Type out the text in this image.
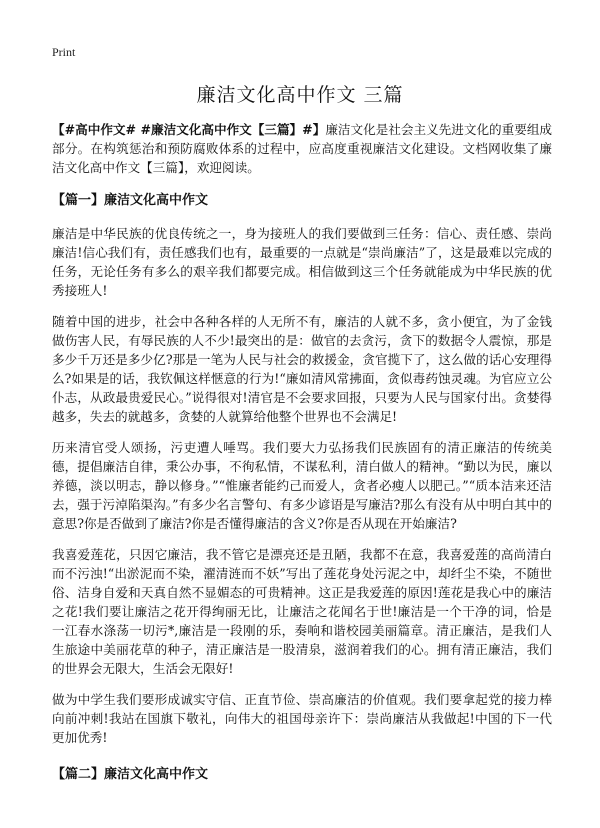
Print
廉洁文化高中作文 三篇

【#高中作文# #廉洁文化高中作文【三篇】#】廉洁文化是社会主义先进文化的重要组成部分。在构筑惩治和预防腐败体系的过程中，应高度重视廉洁文化建设。文档网收集了廉洁文化高中作文【三篇】，欢迎阅读。

【篇一】廉洁文化高中作文

廉洁是中华民族的优良传统之一，身为接班人的我们要做到三任务：信心、责任感、崇尚廉洁!信心我们有，责任感我们也有，最重要的一点就是“崇尚廉洁”了，这是最难以完成的任务，无论任务有多么的艰辛我们都要完成。相信做到这三个任务就能成为中华民族的优秀接班人!

随着中国的进步，社会中各种各样的人无所不有，廉洁的人就不多，贪小便宜，为了金钱做伤害人民，有辱民族的人不少!最突出的是：做官的去贪污，贪下的数据令人震惊，那是多少千万还是多少亿?那是一笔为人民与社会的救援金，贪官揽下了，这么做的话心安理得么?如果是的话，我钦佩这样惬意的行为!“廉如清风常拂面，贪似毒药蚀灵魂。为官应立公仆志，从政最贵爱民心。”说得很对!清官是不会要求回报，只要为人民与国家付出。贪婪得越多，失去的就越多，贪婪的人就算给他整个世界也不会满足!

历来清官受人颂扬，污吏遭人唾骂。我们要大力弘扬我们民族固有的清正廉洁的传统美德，提倡廉洁自律，秉公办事，不徇私情，不谋私利，清白做人的精神。“勤以为民，廉以养德，淡以明志，静以修身。”“惟廉者能约己而爱人，贪者必瘦人以肥己。”“质本洁来还洁去，强于污淖陷渠沟。”有多少名言警句、有多少谚语是写廉洁?那么有没有从中明白其中的意思?你是否做到了廉洁?你是否懂得廉洁的含义?你是否从现在开始廉洁?

我喜爱莲花，只因它廉洁，我不管它是漂亮还是丑陋，我都不在意，我喜爱莲的高尚清白而不污浊!“出淤泥而不染，濯清涟而不妖”写出了莲花身处污泥之中，却纤尘不染，不随世俗、洁身自爱和天真自然不显媚态的可贵精神。这正是我爱莲的原因!莲花是我心中的廉洁之花!我们要让廉洁之花开得绚丽无比，让廉洁之花闻名于世!廉洁是一个干净的词，恰是一江春水涤荡一切污*,廉洁是一段刚的乐，奏响和谐校园美丽篇章。清正廉洁，是我们人生旅途中美丽花草的种子，清正廉洁是一股清泉，滋润着我们的心。拥有清正廉洁，我们的世界会无限大，生活会无限好!

做为中学生我们要形成诚实守信、正直节俭、崇高廉洁的价值观。我们要拿起党的接力棒向前冲刺!我站在国旗下敬礼，向伟大的祖国母亲许下：崇尚廉洁从我做起!中国的下一代更加优秀!

【篇二】廉洁文化高中作文
